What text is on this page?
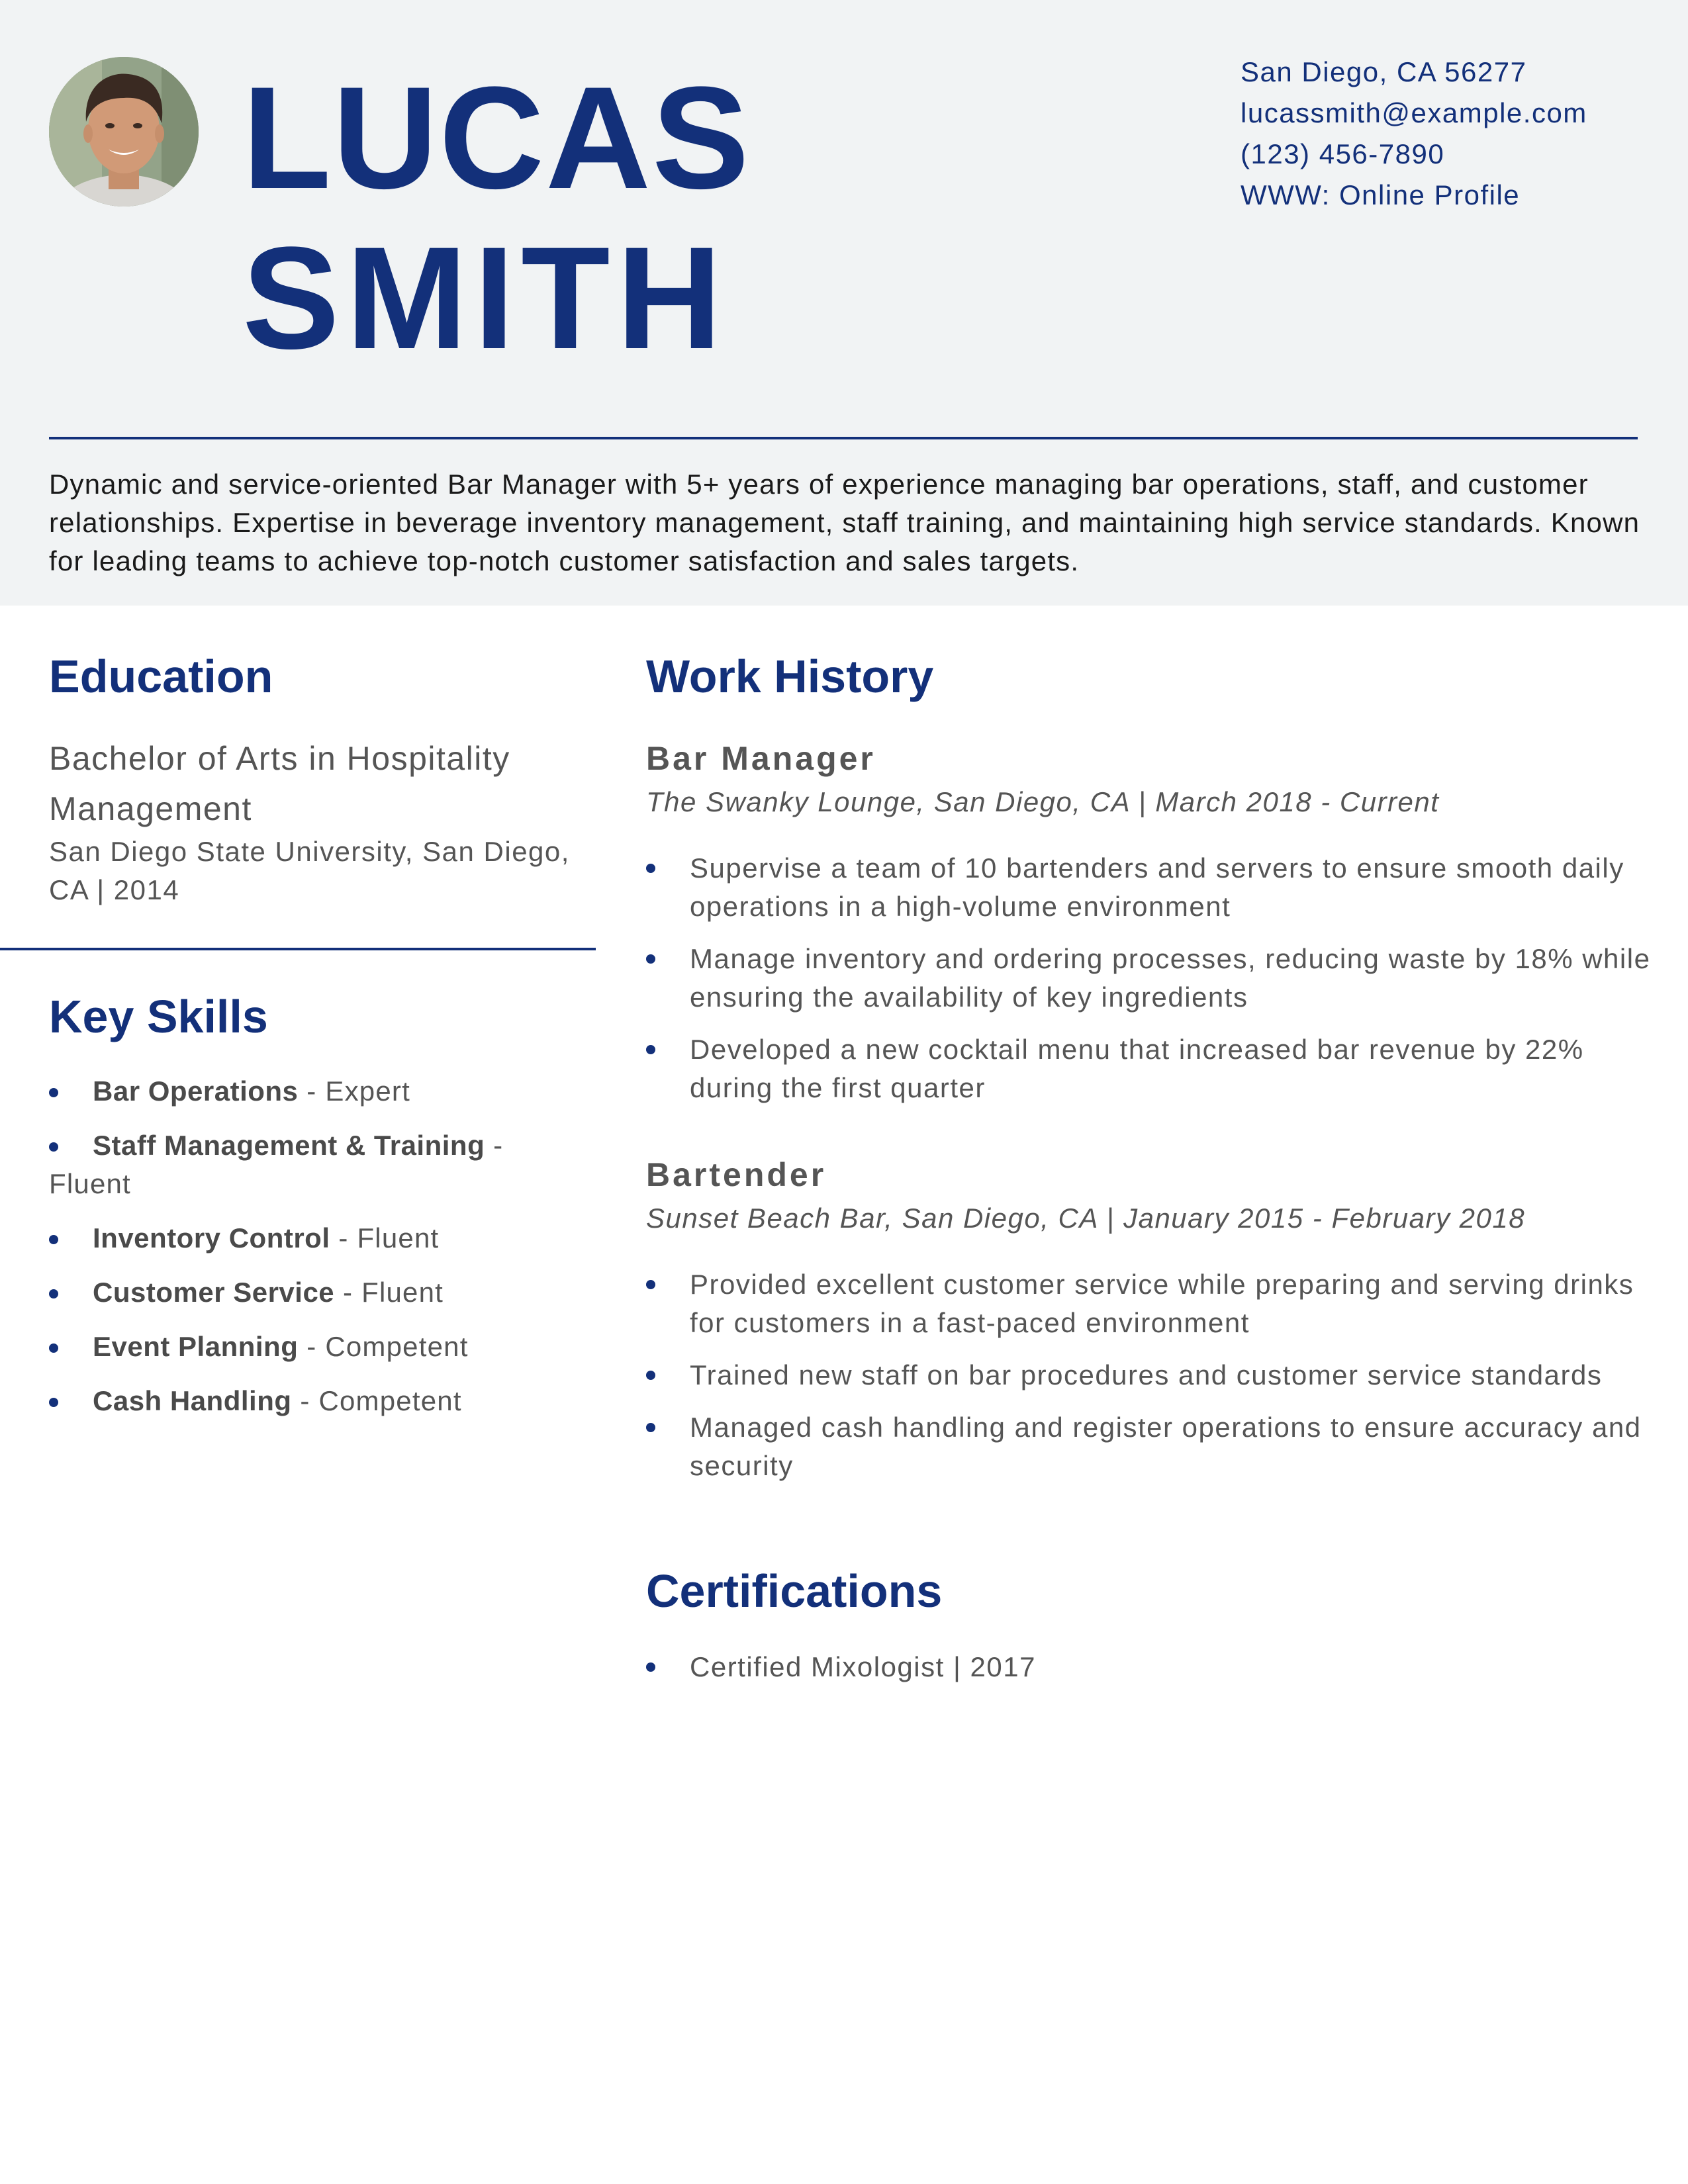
LUCAS
SMITH
San Diego, CA 56277
lucassmith@example.com
(123) 456-7890
WWW: Online Profile
Dynamic and service-oriented Bar Manager with 5+ years of experience managing bar operations, staff, and customer relationships. Expertise in beverage inventory management, staff training, and maintaining high service standards. Known for leading teams to achieve top-notch customer satisfaction and sales targets.
Education
Bachelor of Arts in Hospitality Management
San Diego State University, San Diego, CA | 2014
Key Skills
Bar Operations - Expert
Staff Management & Training - Fluent
Inventory Control - Fluent
Customer Service - Fluent
Event Planning - Competent
Cash Handling - Competent
Work History
Bar Manager
The Swanky Lounge, San Diego, CA | March 2018 - Current
Supervise a team of 10 bartenders and servers to ensure smooth daily operations in a high-volume environment
Manage inventory and ordering processes, reducing waste by 18% while ensuring the availability of key ingredients
Developed a new cocktail menu that increased bar revenue by 22% during the first quarter
Bartender
Sunset Beach Bar, San Diego, CA | January 2015 - February 2018
Provided excellent customer service while preparing and serving drinks for customers in a fast-paced environment
Trained new staff on bar procedures and customer service standards
Managed cash handling and register operations to ensure accuracy and security
Certifications
Certified Mixologist | 2017
